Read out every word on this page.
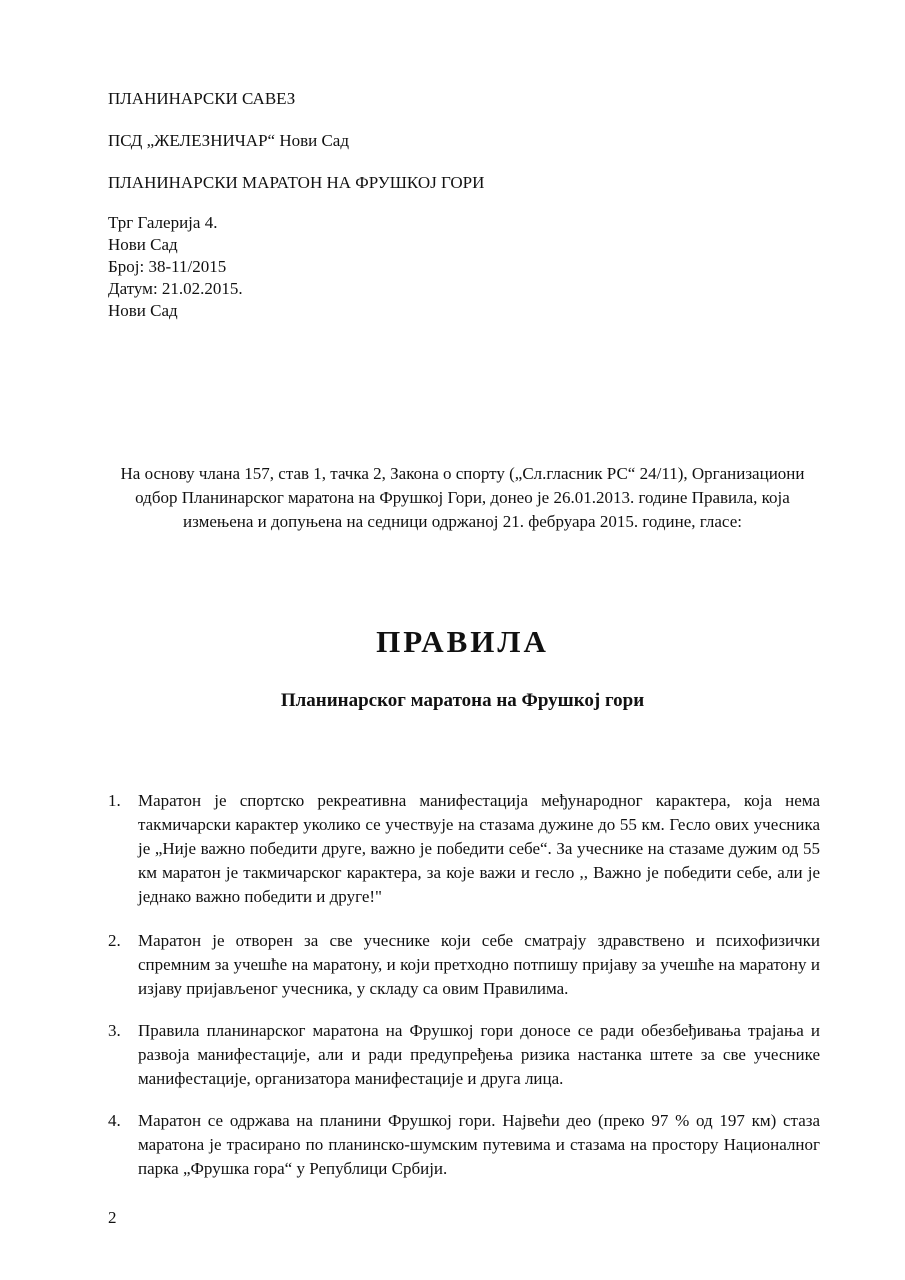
ПЛАНИНАРСКИ САВЕЗ
ПСД „ЖЕЛЕЗНИЧАР“ Нови Сад
ПЛАНИНАРСКИ МАРАТОН НА ФРУШКОЈ ГОРИ
Трг Галерија 4.
Нови Сад
Број: 38-11/2015
Датум: 21.02.2015.
Нови Сад
На основу члана 157, став 1, тачка 2, Закона о спорту („Сл.гласник РС“ 24/11), Организациони одбор Планинарског маратона на Фрушкој Гори, донео је 26.01.2013. године Правила, која измењена и допуњена на седници одржаној 21. фебруара 2015. године, гласе:
ПРАВИЛА
Планинарског маратона на Фрушкој гори
1.	Маратон је спортско рекреативна манифестација међународног карактера, која нема такмичарски карактер уколико се учествује на стазама дужине до 55 км. Гесло ових учесника је „Није важно победити друге, важно је победити себе“. За учеснике на стазаме дужим од 55 км маратон је такмичарског карактера, за које важи и гесло ,, Важно је победити себе, али је једнако важно победити и друге!"
2.	Маратон је отворен за све учеснике који себе сматрају здравствено и психофизички спремним за учешће на маратону, и који претходно потпишу пријаву за учешће на маратону и изјаву пријављеног учесника, у складу са овим Правилима.
3.	Правила планинарског маратона на Фрушкој гори доносе се ради обезбеђивања трајања и развоја манифестације, али и ради предупређења ризика настанка штете за све учеснике манифестације, организатора манифестације и друга лица.
4.	Маратон се одржава на планини Фрушкој гори. Највећи део (преко 97 % од 197 км) стаза маратона је трасирано по планинско-шумским путевима и стазама на простору Националног парка „Фрушка гора“ у Републици Србији.
2
